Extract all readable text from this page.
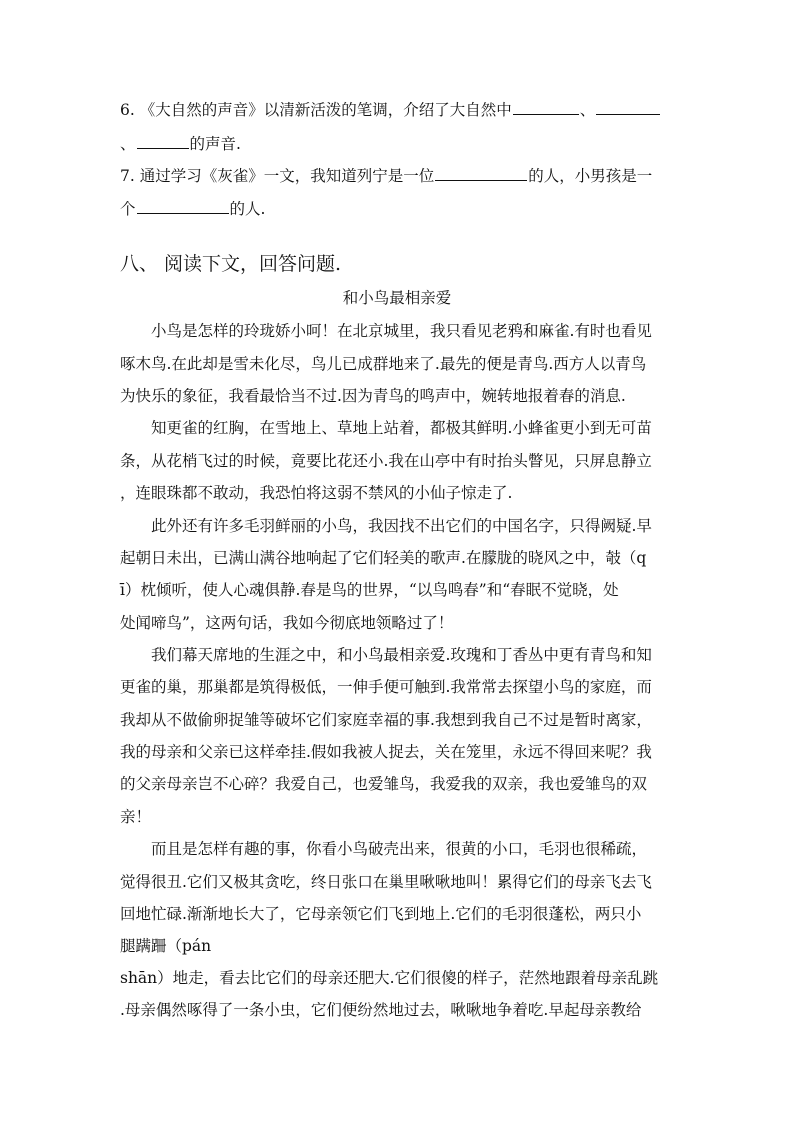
6. 《大自然的声音》以清新活泼的笔调，介绍了大自然中	、
、	的声音.
7. 通过学习《灰雀》一文，我知道列宁是一位	的人，小男孩是一
个	的人.
八、 阅读下文，回答问题.
和小鸟最相亲爱
　　小鸟是怎样的玲珑娇小呵！在北京城里，我只看见老鸦和麻雀.有时也看见
啄木鸟.在此却是雪未化尽，鸟儿已成群地来了.最先的便是青鸟.西方人以青鸟
为快乐的象征，我看最恰当不过.因为青鸟的鸣声中，婉转地报着春的消息.
　　知更雀的红胸，在雪地上、草地上站着，都极其鲜明.小蜂雀更小到无可苗
条，从花梢飞过的时候，竟要比花还小.我在山亭中有时抬头瞥见，只屏息静立
，连眼珠都不敢动，我恐怕将这弱不禁风的小仙子惊走了.
　　此外还有许多毛羽鲜丽的小鸟，我因找不出它们的中国名字，只得阙疑.早
起朝日未出，已满山满谷地响起了它们轻美的歌声.在朦胧的晓风之中，攲（q
ī）枕倾听，使人心魂俱静.春是鸟的世界，“以鸟鸣春”和“春眠不觉晓，处
处闻啼鸟”，这两句话，我如今彻底地领略过了！
　　我们幕天席地的生涯之中，和小鸟最相亲爱.玫瑰和丁香丛中更有青鸟和知
更雀的巢，那巢都是筑得极低，一伸手便可触到.我常常去探望小鸟的家庭，而
我却从不做偷卵捉雏等破坏它们家庭幸福的事.我想到我自己不过是暂时离家，
我的母亲和父亲已这样牵挂.假如我被人捉去，关在笼里，永远不得回来呢？我
的父亲母亲岂不心碎？我爱自己，也爱雏鸟，我爱我的双亲，我也爱雏鸟的双
亲！
　　而且是怎样有趣的事，你看小鸟破壳出来，很黄的小口，毛羽也很稀疏，
觉得很丑.它们又极其贪吃，终日张口在巢里啾啾地叫！累得它们的母亲飞去飞
回地忙碌.渐渐地长大了，它母亲领它们飞到地上.它们的毛羽很蓬松，两只小
腿蹒跚（pán
shān）地走，看去比它们的母亲还肥大.它们很傻的样子，茫然地跟着母亲乱跳
.母亲偶然啄得了一条小虫，它们便纷然地过去，啾啾地争着吃.早起母亲教给
